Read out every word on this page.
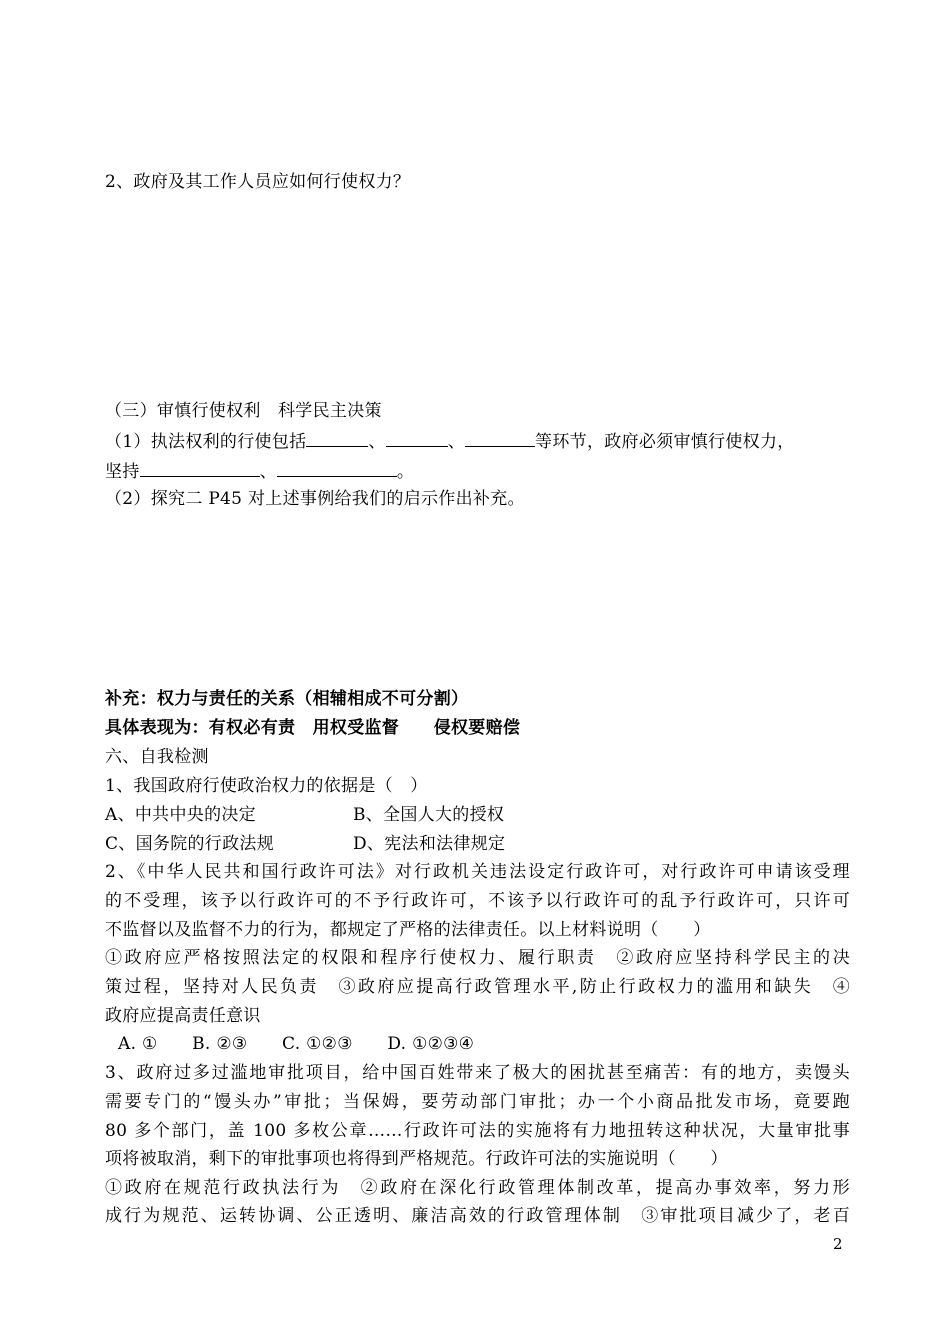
2、政府及其工作人员应如何行使权力？
（三）审慎行使权利　科学民主决策
（1）执法权利的行使包括	、	、	等环节，政府必须审慎行使权力，
坚持	、	。
（2）探究二 P45 对上述事例给我们的启示作出补充。
补充：权力与责任的关系（相辅相成不可分割）
具体表现为：有权必有责　用权受监督　　侵权要赔偿
六、自我检测
1、我国政府行使政治权力的依据是（　）
A、中共中央的决定	B、全国人大的授权
C、国务院的行政法规	D、宪法和法律规定
2、《中华人民共和国行政许可法》对行政机关违法设定行政许可，对行政许可申请该受理
的不受理，该予以行政许可的不予行政许可，不该予以行政许可的乱予行政许可，只许可
不监督以及监督不力的行为，都规定了严格的法律责任。以上材料说明（　　）
①政府应严格按照法定的权限和程序行使权力、履行职责　②政府应坚持科学民主的决
策过程，坚持对人民负责　③政府应提高行政管理水平,防止行政权力的滥用和缺失　④
政府应提高责任意识
A. ①　　B. ②③　　C. ①②③　　D. ①②③④
3、政府过多过滥地审批项目，给中国百姓带来了极大的困扰甚至痛苦：有的地方，卖馒头
需要专门的“馒头办”审批；当保姆，要劳动部门审批；办一个小商品批发市场，竟要跑
80 多个部门，盖 100 多枚公章……行政许可法的实施将有力地扭转这种状况，大量审批事
项将被取消，剩下的审批事项也将得到严格规范。行政许可法的实施说明（　　）
①政府在规范行政执法行为　②政府在深化行政管理体制改革，提高办事效率，努力形
成行为规范、运转协调、公正透明、廉洁高效的行政管理体制　③审批项目减少了，老百
2
